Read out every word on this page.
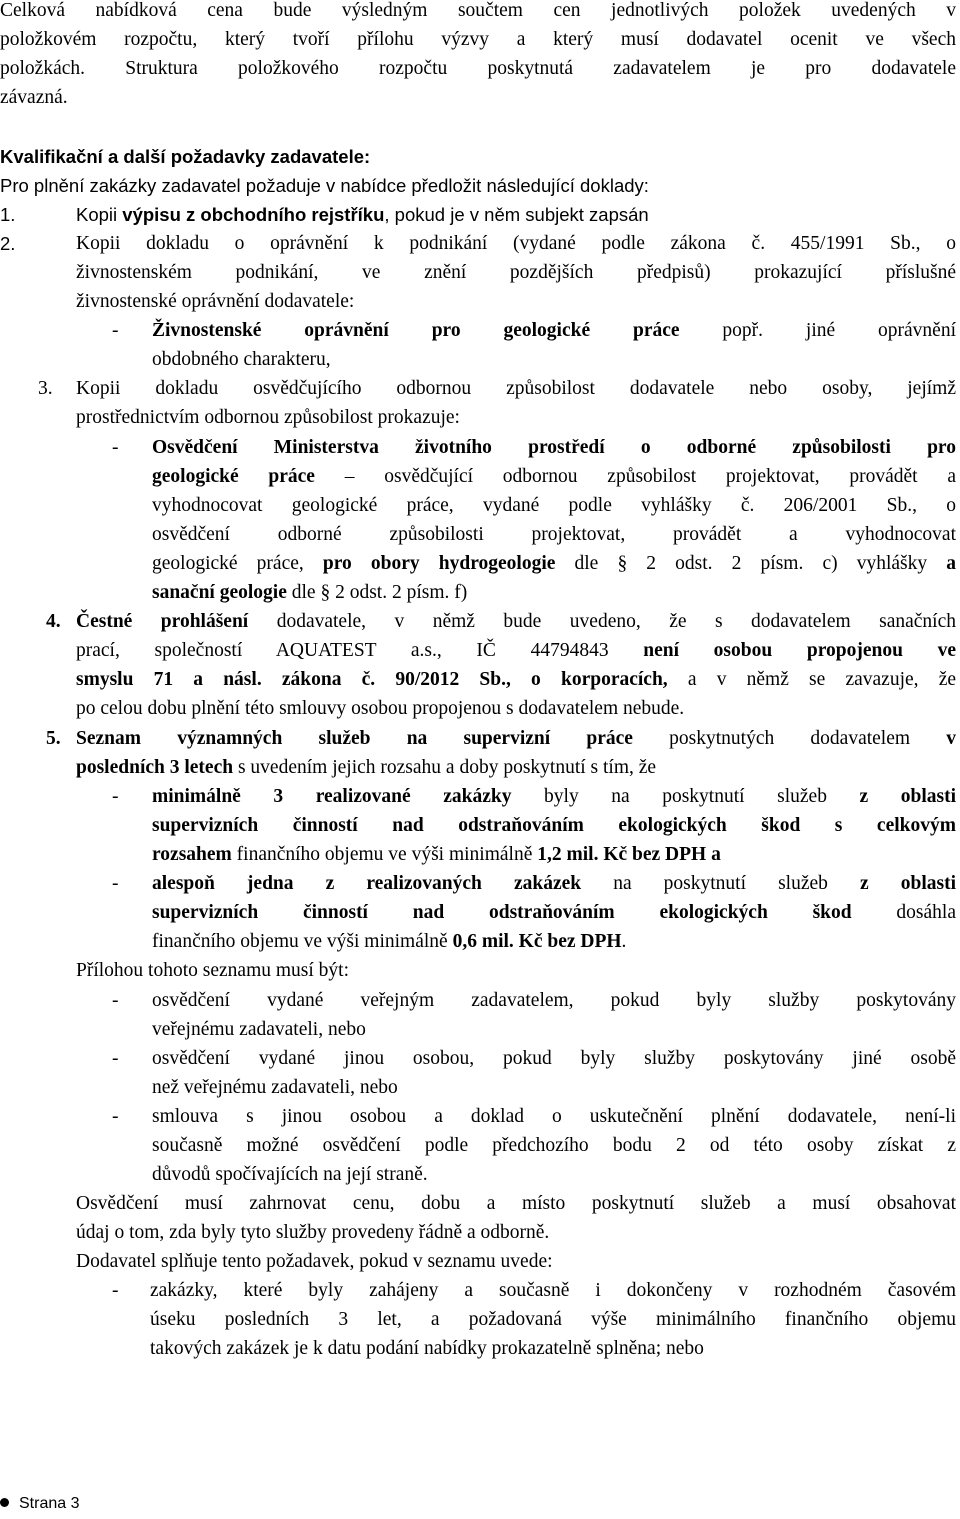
Celková nabídková cena bude výsledným součtem cen jednotlivých položek uvedených v
položkovém rozpočtu, který tvoří přílohu výzvy a který musí dodavatel ocenit ve všech
položkách. Struktura položkového rozpočtu poskytnutá zadavatelem je pro dodavatele
závazná.
Kvalifikační a další požadavky zadavatele:
Pro plnění zakázky zadavatel požaduje v nabídce předložit následující doklady:
1.	Kopii výpisu z obchodního rejstříku, pokud je v něm subjekt zapsán
2.	Kopii dokladu o oprávnění k podnikání (vydané podle zákona č. 455/1991 Sb., o
živnostenském podnikání, ve znění pozdějších předpisů) prokazující příslušné
živnostenské oprávnění dodavatele:
- Živnostenské oprávnění pro geologické práce popř. jiné oprávnění
obdobného charakteru,
3. Kopii dokladu osvědčujícího odbornou způsobilost dodavatele nebo osoby, jejímž
prostřednictvím odbornou způsobilost prokazuje:
- Osvědčení Ministerstva životního prostředí o odborné způsobilosti pro
geologické práce – osvědčující odbornou způsobilost projektovat, provádět a
vyhodnocovat geologické práce, vydané podle vyhlášky č. 206/2001 Sb., o
osvědčení odborné způsobilosti projektovat, provádět a vyhodnocovat
geologické práce, pro obory hydrogeologie dle § 2 odst. 2 písm. c) vyhlášky a
sanační geologie dle § 2 odst. 2 písm. f)
4. Čestné prohlášení dodavatele, v němž bude uvedeno, že s dodavatelem sanačních
prací, společností AQUATEST a.s., IČ 44794843 není osobou propojenou ve
smyslu 71 a násl. zákona č. 90/2012 Sb., o korporacích, a v němž se zavazuje, že
po celou dobu plnění této smlouvy osobou propojenou s dodavatelem nebude.
5. Seznam významných služeb na supervizní práce poskytnutých dodavatelem v
posledních 3 letech s uvedením jejich rozsahu a doby poskytnutí s tím, že
- minimálně 3 realizované zakázky byly na poskytnutí služeb z oblasti
supervizních činností nad odstraňováním ekologických škod s celkovým
rozsahem finančního objemu ve výši minimálně 1,2 mil. Kč bez DPH a
- alespoň jedna z realizovaných zakázek na poskytnutí služeb z oblasti
supervizních činností nad odstraňováním ekologických škod dosáhla
finančního objemu ve výši minimálně 0,6 mil. Kč bez DPH.
Přílohou tohoto seznamu musí být:
- osvědčení vydané veřejným zadavatelem, pokud byly služby poskytovány
veřejnému zadavateli, nebo
- osvědčení vydané jinou osobou, pokud byly služby poskytovány jiné osobě
než veřejnému zadavateli, nebo
- smlouva s jinou osobou a doklad o uskutečnění plnění dodavatele, není-li
současně možné osvědčení podle předchozího bodu 2 od této osoby získat z
důvodů spočívajících na její straně.
Osvědčení musí zahrnovat cenu, dobu a místo poskytnutí služeb a musí obsahovat
údaj o tom, zda byly tyto služby provedeny řádně a odborně.
Dodavatel splňuje tento požadavek, pokud v seznamu uvede:
- zakázky, které byly zahájeny a současně i dokončeny v rozhodném časovém
úseku posledních 3 let, a požadovaná výše minimálního finančního objemu
takových zakázek je k datu podání nabídky prokazatelně splněna; nebo
Strana 3
